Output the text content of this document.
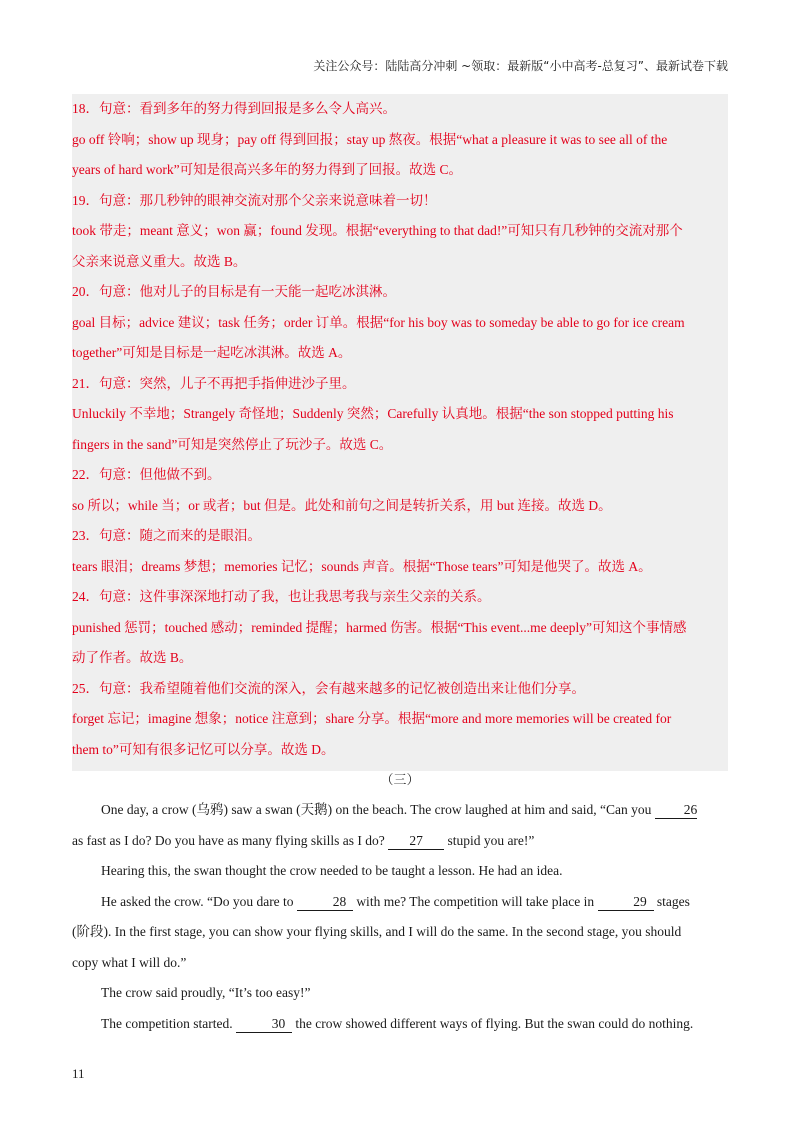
关注公众号：陆陆高分冲刺 ~领取：最新版“小中高考-总复习”、最新试卷下载

18．句意：看到多年的努力得到回报是多么令人高兴。

go off 铃响；show up 现身；pay off 得到回报；stay up 熬夜。根据“what a pleasure it was to see all of the

years of hard work”可知是很高兴多年的努力得到了回报。故选 C。

19．句意：那几秒钟的眼神交流对那个父亲来说意味着一切！

took 带走；meant 意义；won 赢；found 发现。根据“everything to that dad!”可知只有几秒钟的交流对那个

父亲来说意义重大。故选 B。

20．句意：他对儿子的目标是有一天能一起吃冰淇淋。

goal 目标；advice 建议；task 任务；order 订单。根据“for his boy was to someday be able to go for ice cream

together”可知是目标是一起吃冰淇淋。故选 A。

21．句意：突然，儿子不再把手指伸进沙子里。

Unluckily 不幸地；Strangely 奇怪地；Suddenly 突然；Carefully 认真地。根据“the son stopped putting his

fingers in the sand”可知是突然停止了玩沙子。故选 C。

22．句意：但他做不到。

so 所以；while 当；or 或者；but 但是。此处和前句之间是转折关系，用 but 连接。故选 D。

23．句意：随之而来的是眼泪。

tears 眼泪；dreams 梦想；memories 记忆；sounds 声音。根据“Those tears”可知是他哭了。故选 A。

24．句意：这件事深深地打动了我，也让我思考我与亲生父亲的关系。

punished 惩罚；touched 感动；reminded 提醒；harmed 伤害。根据“This event...me deeply”可知这个事情感

动了作者。故选 B。

25．句意：我希望随着他们交流的深入，会有越来越多的记忆被创造出来让他们分享。

forget 忘记；imagine 想象；notice 注意到；share 分享。根据“more and more memories will be created for

them to”可知有很多记忆可以分享。故选 D。

（三）

One day, a crow (乌鸦) saw a swan (天鹅) on the beach. The crow laughed at him and said, “Can you 26

as fast as I do? Do you have as many flying skills as I do? 27 stupid you are!”

Hearing this, the swan thought the crow needed to be taught a lesson. He had an idea.

He asked the crow. “Do you dare to	28 with me? The competition will take place in	29 stages

(阶段). In the first stage, you can show your flying skills, and I will do the same. In the second stage, you should

copy what I will do.”

The crow said proudly, “It’s too easy!”

The competition started.	30 the crow showed different ways of flying. But the swan could do nothing.

11
